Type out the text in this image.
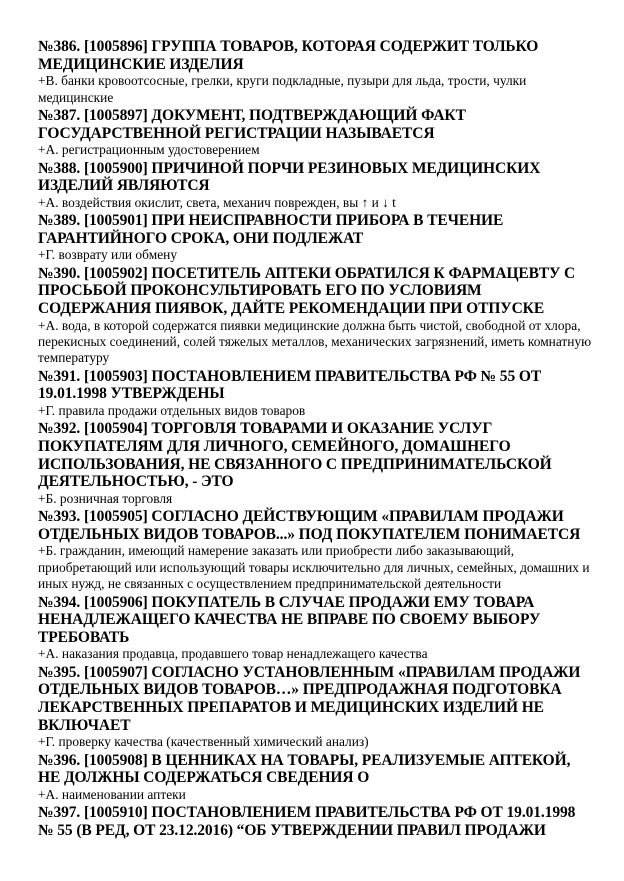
№386. [1005896] ГРУППА ТОВАРОВ, КОТОРАЯ СОДЕРЖИТ ТОЛЬКО МЕДИЦИНСКИЕ ИЗДЕЛИЯ

+В. банки кровоотсосные, грелки, круги подкладные, пузыри для льда, трости, чулки медицинские

№387. [1005897] ДОКУМЕНТ, ПОДТВЕРЖДАЮЩИЙ ФАКТ ГОСУДАРСТВЕННОЙ РЕГИСТРАЦИИ НАЗЫВАЕТСЯ

+А. регистрационным удостоверением

№388. [1005900] ПРИЧИНОЙ ПОРЧИ РЕЗИНОВЫХ МЕДИЦИНСКИХ ИЗДЕЛИЙ ЯВЛЯЮТСЯ

+А. воздействия окислит, света, механич поврежден, вы ↑ и ↓ t

№389. [1005901] ПРИ НЕИСПРАВНОСТИ ПРИБОРА В ТЕЧЕНИЕ ГАРАНТИЙНОГО СРОКА, ОНИ ПОДЛЕЖАТ

+Г. возврату или обмену

№390. [1005902] ПОСЕТИТЕЛЬ АПТЕКИ ОБРАТИЛСЯ К ФАРМАЦЕВТУ С ПРОСЬБОЙ ПРОКОНСУЛЬТИРОВАТЬ ЕГО ПО УСЛОВИЯМ СОДЕРЖАНИЯ ПИЯВОК, ДАЙТЕ РЕКОМЕНДАЦИИ ПРИ ОТПУСКЕ

+А. вода, в которой содержатся пиявки медицинские должна быть чистой, свободной от хлора, перекисных соединений, солей тяжелых металлов, механических загрязнений, иметь комнатную температуру

№391. [1005903] ПОСТАНОВЛЕНИЕМ ПРАВИТЕЛЬСТВА РФ № 55 ОТ 19.01.1998 УТВЕРЖДЕНЫ

+Г. правила продажи отдельных видов товаров

№392. [1005904] ТОРГОВЛЯ ТОВАРАМИ И ОКАЗАНИЕ УСЛУГ ПОКУПАТЕЛЯМ ДЛЯ ЛИЧНОГО, СЕМЕЙНОГО, ДОМАШНЕГО ИСПОЛЬЗОВАНИЯ, НЕ СВЯЗАННОГО С ПРЕДПРИНИМАТЕЛЬСКОЙ ДЕЯТЕЛЬНОСТЬЮ, - ЭТО

+Б. розничная торговля

№393. [1005905] СОГЛАСНО ДЕЙСТВУЮЩИМ «ПРАВИЛАМ ПРОДАЖИ ОТДЕЛЬНЫХ ВИДОВ ТОВАРОВ...» ПОД ПОКУПАТЕЛЕМ ПОНИМАЕТСЯ

+Б. гражданин, имеющий намерение заказать или приобрести либо заказывающий, приобретающий или использующий товары исключительно для личных, семейных, домашних и иных нужд, не связанных с осуществлением предпринимательской деятельности

№394. [1005906] ПОКУПАТЕЛЬ В СЛУЧАЕ ПРОДАЖИ ЕМУ ТОВАРА НЕНАДЛЕЖАЩЕГО КАЧЕСТВА НЕ ВПРАВЕ ПО СВОЕМУ ВЫБОРУ ТРЕБОВАТЬ

+А. наказания продавца, продавшего товар ненадлежащего качества

№395. [1005907] СОГЛАСНО УСТАНОВЛЕННЫМ «ПРАВИЛАМ ПРОДАЖИ ОТДЕЛЬНЫХ ВИДОВ ТОВАРОВ…» ПРЕДПРОДАЖНАЯ ПОДГОТОВКА ЛЕКАРСТВЕННЫХ ПРЕПАРАТОВ И МЕДИЦИНСКИХ ИЗДЕЛИЙ НЕ ВКЛЮЧАЕТ

+Г. проверку качества (качественный химический анализ)

№396. [1005908] В ЦЕННИКАХ НА ТОВАРЫ, РЕАЛИЗУЕМЫЕ АПТЕКОЙ, НЕ ДОЛЖНЫ СОДЕРЖАТЬСЯ СВЕДЕНИЯ О

+А. наименовании аптеки

№397. [1005910] ПОСТАНОВЛЕНИЕМ ПРАВИТЕЛЬСТВА РФ ОТ 19.01.1998 № 55 (В РЕД, ОТ 23.12.2016) “ОБ УТВЕРЖДЕНИИ ПРАВИЛ ПРОДАЖИ
